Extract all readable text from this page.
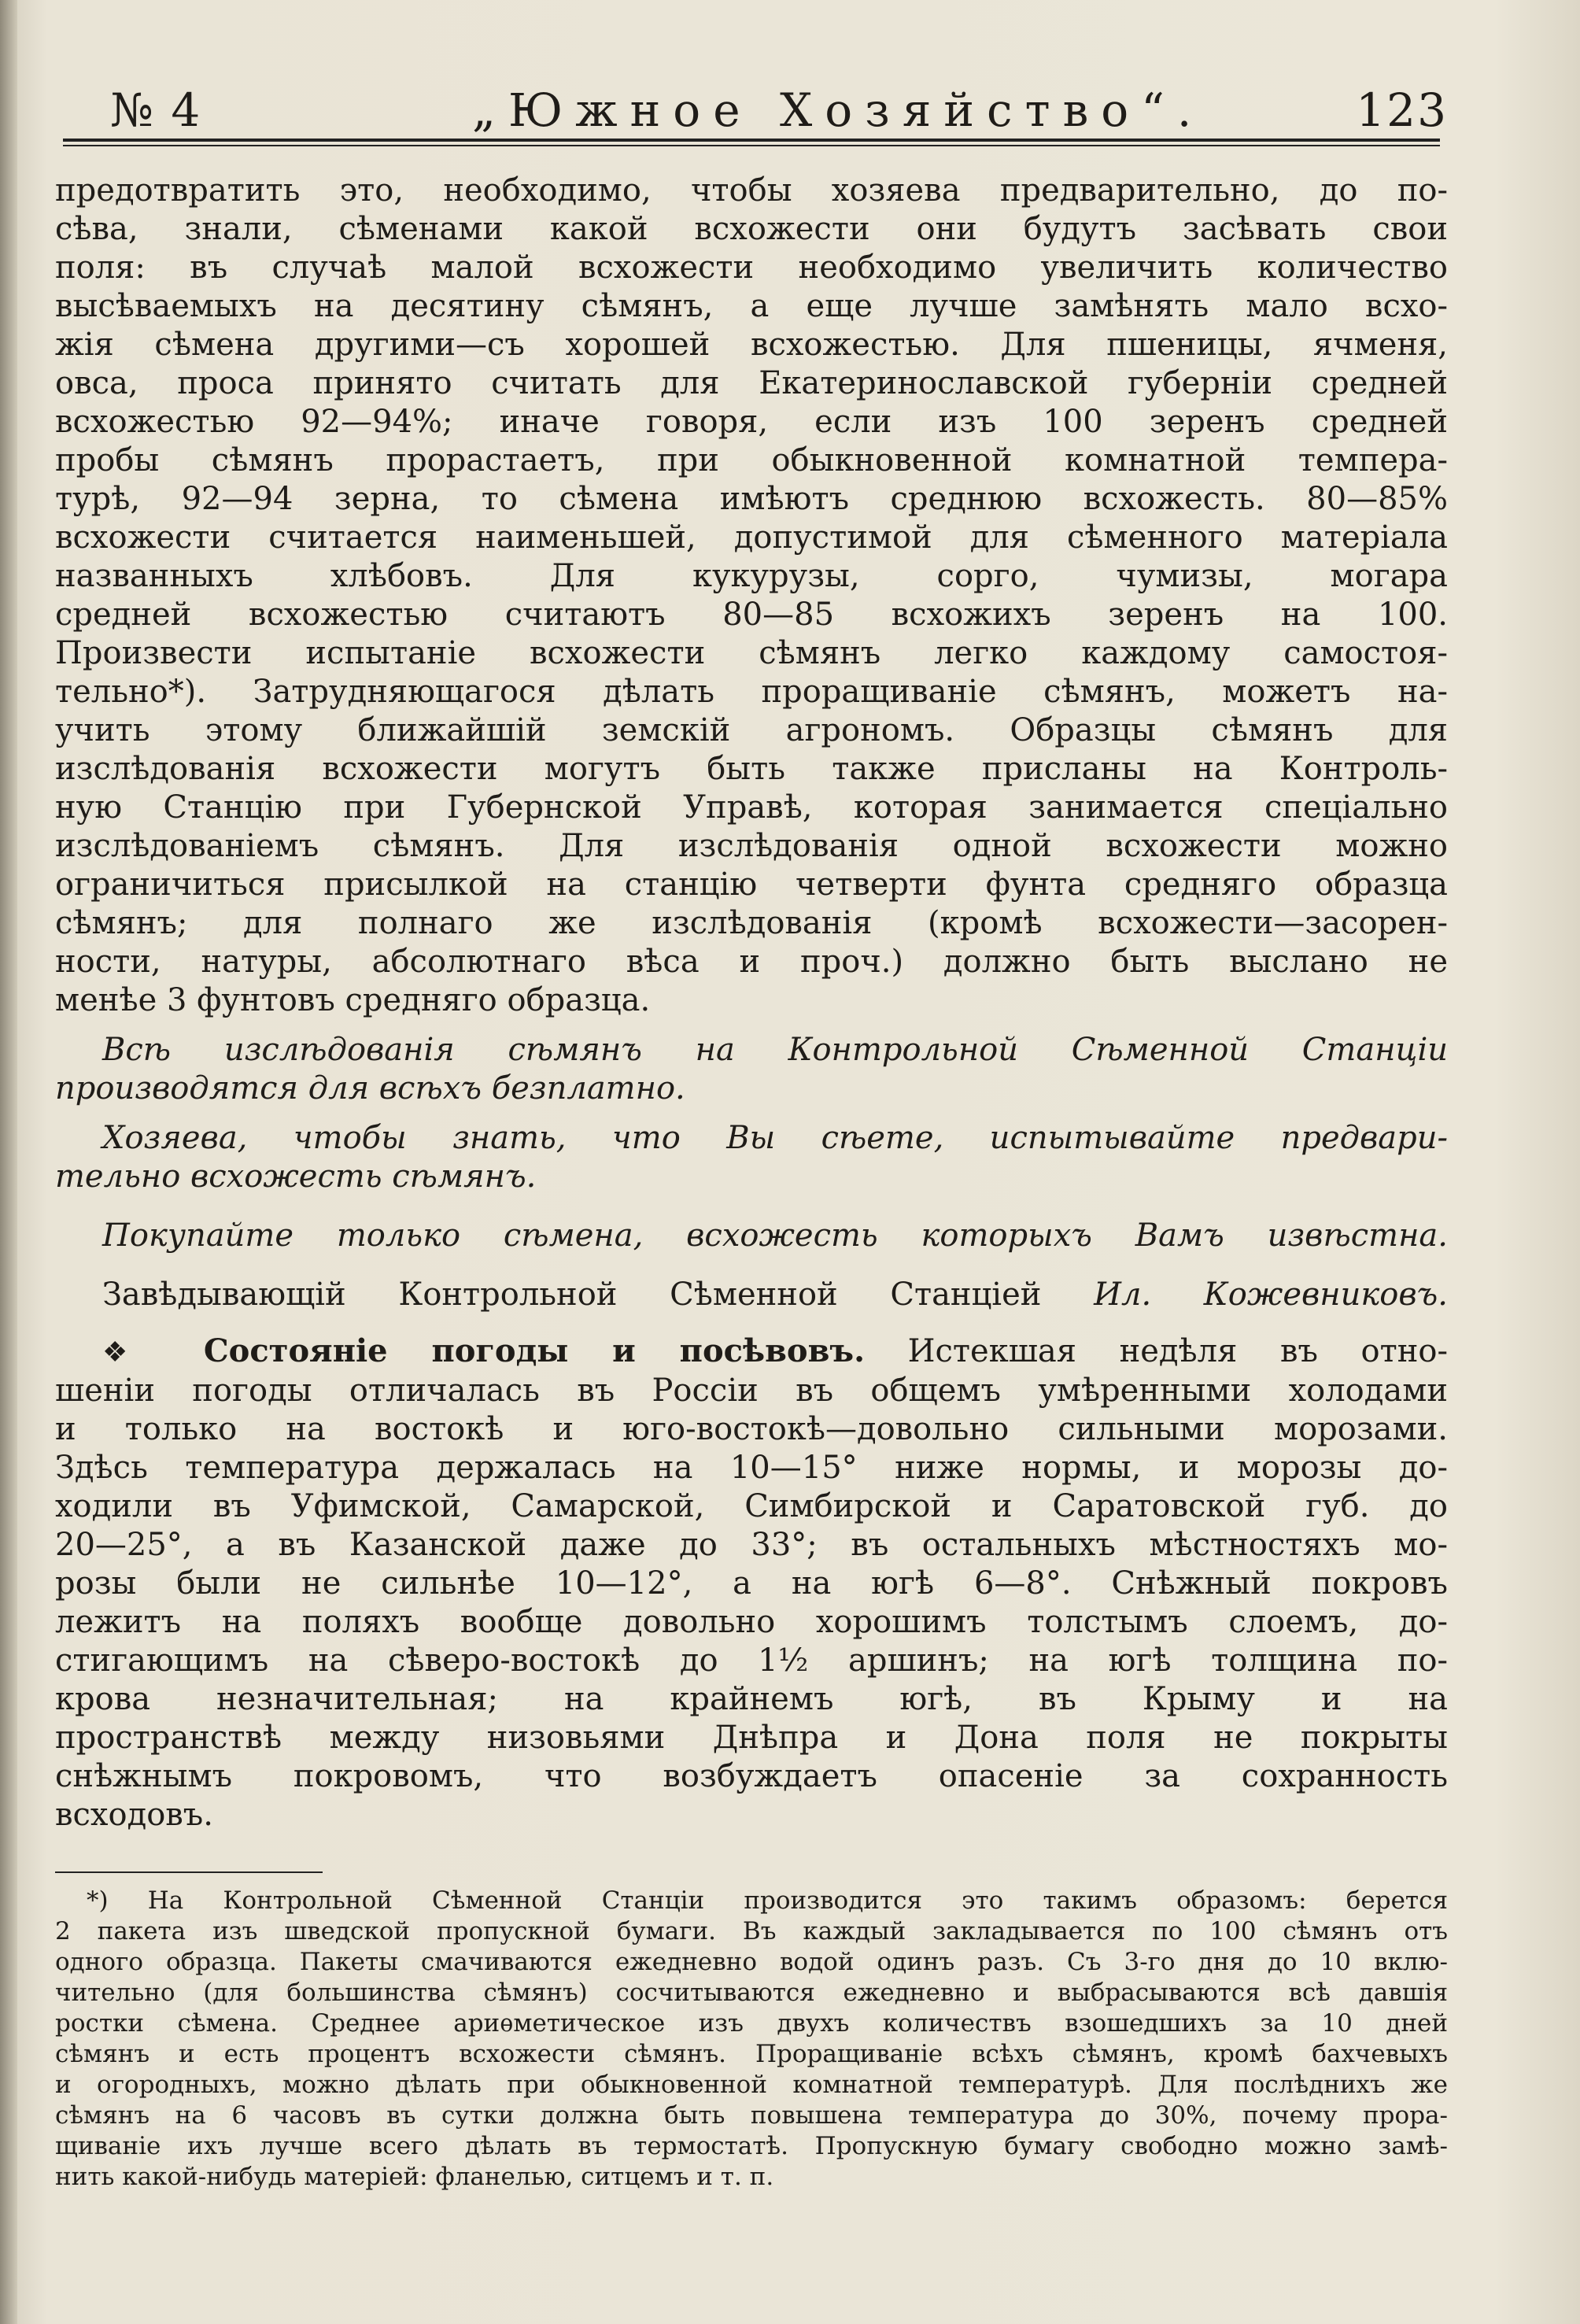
№ 4	„Южное Хозяйство“.	123
предотвратить это, необходимо, чтобы хозяева предварительно, до по-
сѣва, знали, сѣменами какой всхожести они будутъ засѣвать свои
поля: въ случаѣ малой всхожести необходимо увеличить количество
высѣваемыхъ на десятину сѣмянъ, а еще лучше замѣнять мало всхо-
жія сѣмена другими—съ хорошей всхожестью. Для пшеницы, ячменя,
овса, проса принято считать для Екатеринославской губерніи средней
всхожестью 92—94%; иначе говоря, если изъ 100 зеренъ средней
пробы сѣмянъ прорастаетъ, при обыкновенной комнатной темпера-
турѣ, 92—94 зерна, то сѣмена имѣютъ среднюю всхожесть. 80—85%
всхожести считается наименьшей, допустимой для сѣменного матеріала
названныхъ хлѣбовъ. Для кукурузы, сорго, чумизы, могара
средней всхожестью считаютъ 80—85 всхожихъ зеренъ на 100.
Произвести испытаніе всхожести сѣмянъ легко каждому самостоя-
тельно*). Затрудняющагося дѣлать проращиваніе сѣмянъ, можетъ на-
учить этому ближайшій земскій агрономъ. Образцы сѣмянъ для
изслѣдованія всхожести могутъ быть также присланы на Контроль-
ную Станцію при Губернской Управѣ, которая занимается спеціально
изслѣдованіемъ сѣмянъ. Для изслѣдованія одной всхожести можно
ограничиться присылкой на станцію четверти фунта средняго образца
сѣмянъ; для полнаго же изслѣдованія (кромѣ всхожести—засорен-
ности, натуры, абсолютнаго вѣса и проч.) должно быть выслано не
менѣе 3 фунтовъ средняго образца.
Всѣ изслѣдованія сѣмянъ на Контрольной Сѣменной Станціи
производятся для всѣхъ безплатно.
Хозяева, чтобы знать, что Вы сѣете, испытывайте предвари-
тельно всхожесть сѣмянъ.
Покупайте только сѣмена, всхожесть которыхъ Вамъ извѣстна.
Завѣдывающій Контрольной Сѣменной Станціей Ил. Кожевниковъ.
❖ Состояніе погоды и посѣвовъ. Истекшая недѣля въ отно-
шеніи погоды отличалась въ Россіи въ общемъ умѣренными холодами
и только на востокѣ и юго-востокѣ—довольно сильными морозами.
Здѣсь температура держалась на 10—15° ниже нормы, и морозы до-
ходили въ Уфимской, Самарской, Симбирской и Саратовской губ. до
20—25°, а въ Казанской даже до 33°; въ остальныхъ мѣстностяхъ мо-
розы были не сильнѣе 10—12°, а на югѣ 6—8°. Снѣжный покровъ
лежитъ на поляхъ вообще довольно хорошимъ толстымъ слоемъ, до-
стигающимъ на сѣверо-востокѣ до 1½ аршинъ; на югѣ толщина по-
крова незначительная; на крайнемъ югѣ, въ Крыму и на
пространствѣ между низовьями Днѣпра и Дона поля не покрыты
снѣжнымъ покровомъ, что возбуждаетъ опасеніе за сохранность
всходовъ.
*) На Контрольной Сѣменной Станціи производится это такимъ образомъ: берется
2 пакета изъ шведской пропускной бумаги. Въ каждый закладывается по 100 сѣмянъ отъ
одного образца. Пакеты смачиваются ежедневно водой одинъ разъ. Съ 3-го дня до 10 вклю-
чительно (для большинства сѣмянъ) сосчитываются ежедневно и выбрасываются всѣ давшія
ростки сѣмена. Среднее ариѳметическое изъ двухъ количествъ взошедшихъ за 10 дней
сѣмянъ и есть процентъ всхожести сѣмянъ. Проращиваніе всѣхъ сѣмянъ, кромѣ бахчевыхъ
и огородныхъ, можно дѣлать при обыкновенной комнатной температурѣ. Для послѣднихъ же
сѣмянъ на 6 часовъ въ сутки должна быть повышена температура до 30%, почему прора-
щиваніе ихъ лучше всего дѣлать въ термостатѣ. Пропускную бумагу свободно можно замѣ-
нить какой-нибудь матеріей: фланелью, ситцемъ и т. п.
